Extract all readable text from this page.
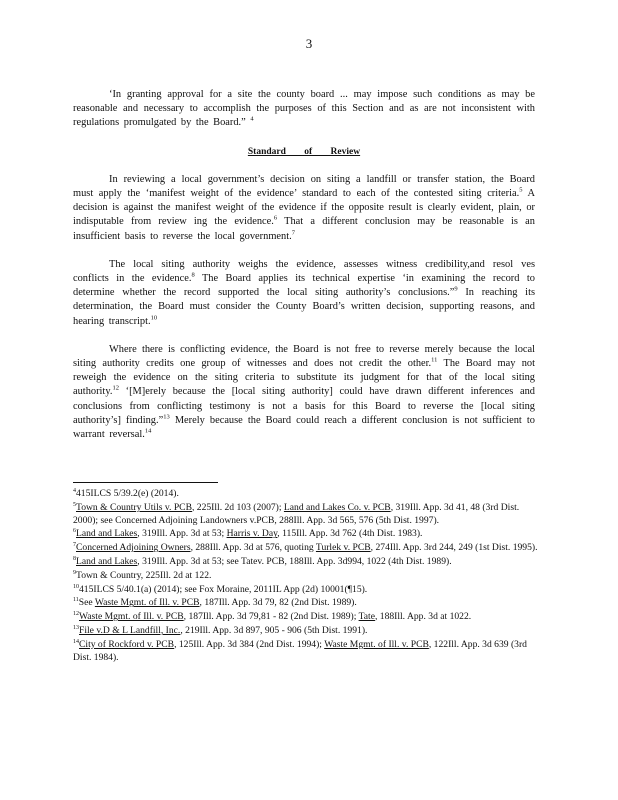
3

‘In granting approval for a site the county board ... may impose such conditions as may be reasonable and necessary to accomplish the purposes of this Section and as are not inconsistent with regulations promulgated by the Board.” $^4$

Standard of Review

In reviewing a local government’s decision on siting a landfill or transfer station, the Board must apply the ‘manifest weight of the evidence’ standard to each of the contested siting criteria.$^5$ A decision is against the manifest weight of the evidence if the opposite result is clearly evident, plain, or indisputable from review ing the evidence.$^6$ That a different conclusion may be reasonable is an insufficient basis to reverse the local government.$^7$

The local siting authority weighs the evidence, assesses witness credibility,and resol ves conflicts in the evidence.$^8$ The Board applies its technical expertise ‘in examining the record to determine whether the record supported the local siting authority’s conclusions.”$^9$ In reaching its determination, the Board must consider the County Board’s written decision, supporting reasons, and hearing transcript.$^{10}$

Where there is conflicting evidence, the Board is not free to reverse merely because the local siting authority credits one group of witnesses and does not credit the other.$^{11}$ The Board may not reweigh the evidence on the siting criteria to substitute its judgment for that of the local siting authority.$^{12}$ ‘[M]erely because the [local siting authority] could have drawn different inferences and conclusions from conflicting testimony is not a basis for this Board to reverse the [local siting authority’s] finding.”$^{13}$ Merely because the Board could reach a different conclusion is not sufficient to warrant reversal.$^{14}$

$^4$415ILCS 5/39.2(e) (2014).
$^5$Town & Country Utils v. PCB, 225Ill. 2d 103 (2007); Land and Lakes Co. v. PCB, 319Ill. App. 3d 41, 48 (3rd Dist. 2000); see Concerned Adjoining Landowners v.PCB, 288Ill. App. 3d 565, 576 (5th Dist. 1997).
$^6$Land and Lakes, 319Ill. App. 3d at 53; Harris v. Day, 115Ill. App. 3d 762 (4th Dist. 1983).
$^7$Concerned Adjoining Owners, 288Ill. App. 3d at 576, quoting Turlek v. PCB, 274Ill. App. 3rd 244, 249 (1st Dist. 1995).
$^8$Land and Lakes, 319Ill. App. 3d at 53; see Tatev. PCB, 188Ill. App. 3d994, 1022 (4th Dist. 1989).
$^9$Town & Country, 225Ill. 2d at 122.
$^{10}$415ILCS 5/40.1(a) (2014); see Fox Moraine, 2011IL App (2d) 10001(¶15).
$^{11}$See Waste Mgmt. of Ill. v. PCB, 187Ill. App. 3d 79, 82 (2nd Dist. 1989).
$^{12}$Waste Mgmt. of Ill. v. PCB, 187Ill. App. 3d 79,81 - 82 (2nd Dist. 1989); Tate, 188Ill. App. 3d at 1022.
$^{13}$File v.D & L Landfill, Inc., 219Ill. App. 3d 897, 905 - 906 (5th Dist. 1991).
$^{14}$City of Rockford v. PCB, 125Ill. App. 3d 384 (2nd Dist. 1994); Waste Mgmt. of Ill. v. PCB, 122Ill. App. 3d 639 (3rd Dist. 1984).
